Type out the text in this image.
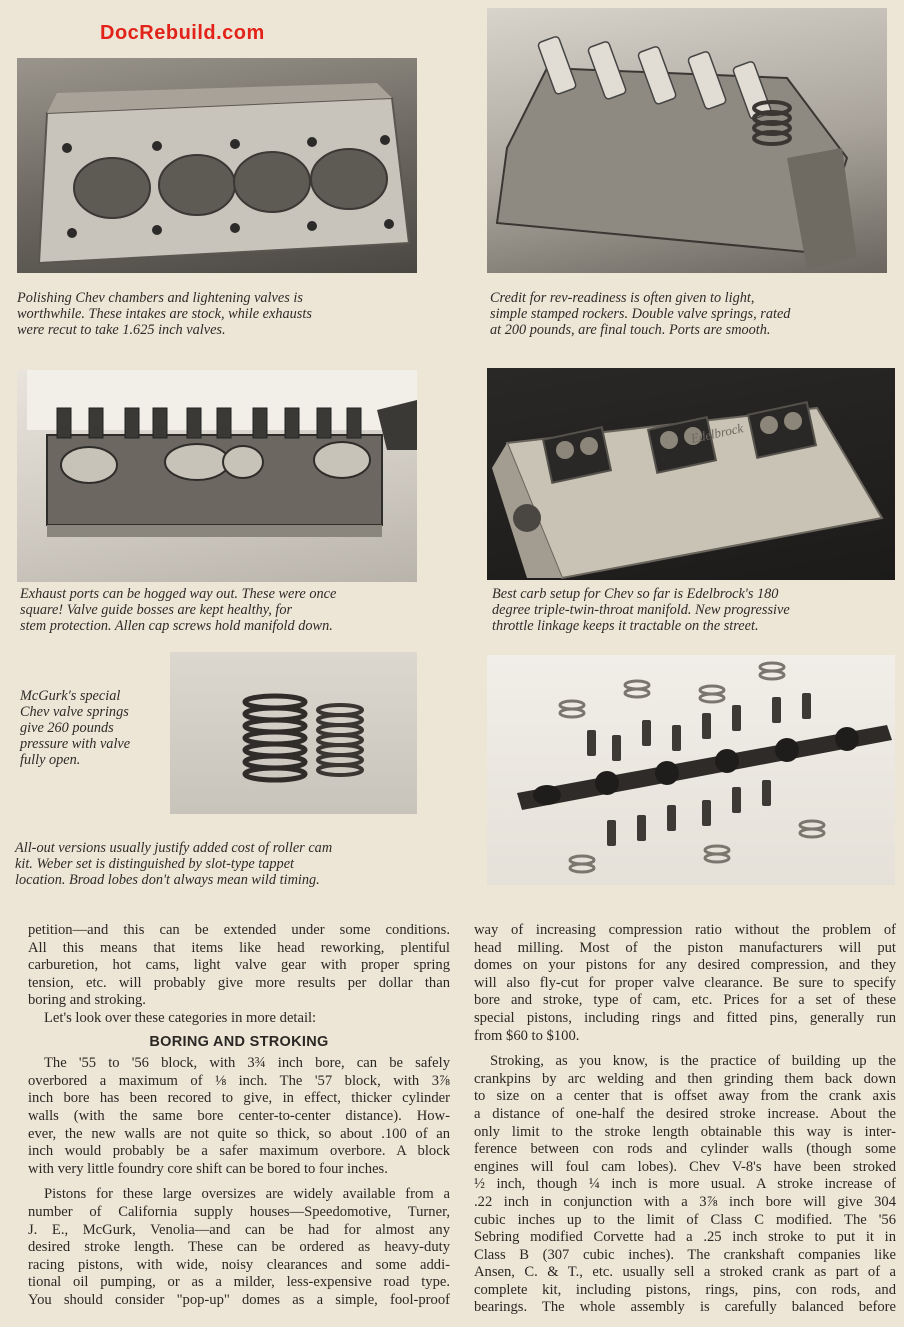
DocRebuild.com
Polishing Chev chambers and lightening valves is
worthwhile. These intakes are stock, while exhausts
were recut to take 1.625 inch valves.
Credit for rev-readiness is often given to light,
simple stamped rockers. Double valve springs, rated
at 200 pounds, are final touch. Ports are smooth.
Exhaust ports can be hogged way out. These were once
square! Valve guide bosses are kept healthy, for
stem protection. Allen cap screws hold manifold down.
Edelbrock
Best carb setup for Chev so far is Edelbrock's 180
degree triple-twin-throat manifold. New progressive
throttle linkage keeps it tractable on the street.
McGurk's special
Chev valve springs
give 260 pounds
pressure with valve
fully open.
All-out versions usually justify added cost of roller cam
kit. Weber set is distinguished by slot-type tappet
location. Broad lobes don't always mean wild timing.

petition—and this can be extended under some conditions.
All this means that items like head reworking, plentiful
carburetion, hot cams, light valve gear with proper spring
tension, etc. will probably give more results per dollar than
boring and stroking.

Let's look over these categories in more detail:

BORING AND STROKING

The '55 to '56 block, with 3¾ inch bore, can be safely
overbored a maximum of ⅛ inch. The '57 block, with 3⅞
inch bore has been recored to give, in effect, thicker cylinder
walls (with the same bore center-to-center distance). How-
ever, the new walls are not quite so thick, so about .100 of an
inch would probably be a safer maximum overbore. A block
with very little foundry core shift can be bored to four inches.

Pistons for these large oversizes are widely available from a
number of California supply houses—Speedomotive, Turner,
J. E., McGurk, Venolia—and can be had for almost any
desired stroke length. These can be ordered as heavy-duty
racing pistons, with wide, noisy clearances and some addi-
tional oil pumping, or as a milder, less-expensive road type.
You should consider "pop-up" domes as a simple, fool-proof

way of increasing compression ratio without the problem of
head milling. Most of the piston manufacturers will put
domes on your pistons for any desired compression, and they
will also fly-cut for proper valve clearance. Be sure to specify
bore and stroke, type of cam, etc. Prices for a set of these
special pistons, including rings and fitted pins, generally run
from $60 to $100.

Stroking, as you know, is the practice of building up the
crankpins by arc welding and then grinding them back down
to size on a center that is offset away from the crank axis
a distance of one-half the desired stroke increase. About the
only limit to the stroke length obtainable this way is inter-
ference between con rods and cylinder walls (though some
engines will foul cam lobes). Chev V-8's have been stroked
½ inch, though ¼ inch is more usual. A stroke increase of
.22 inch in conjunction with a 3⅞ inch bore will give 304
cubic inches up to the limit of Class C modified. The '56
Sebring modified Corvette had a .25 inch stroke to put it in
Class B (307 cubic inches). The crankshaft companies like
Ansen, C. & T., etc. usually sell a stroked crank as part of a
complete kit, including pistons, rings, pins, con rods, and
bearings. The whole assembly is carefully balanced before
